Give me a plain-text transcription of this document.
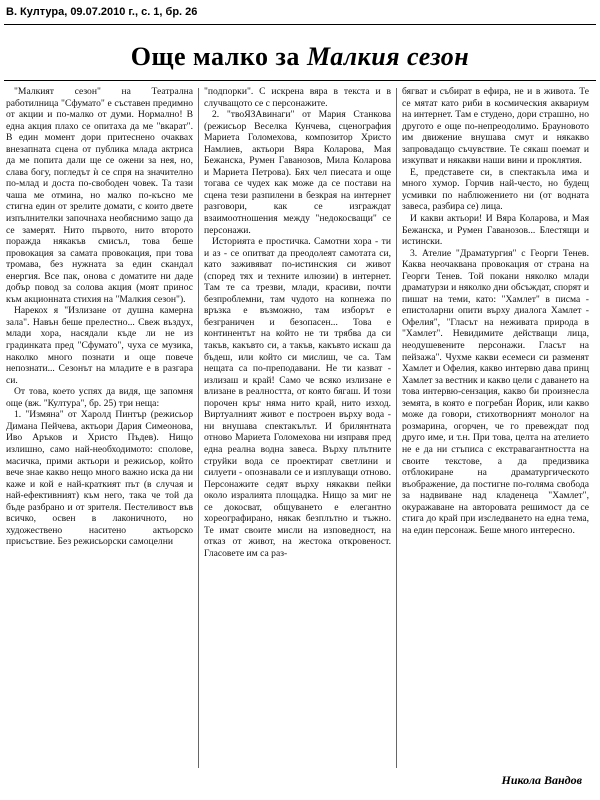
В. Култура, 09.07.2010 г., с. 1, бр. 26
Още малко за Малкия сезон

"Малкият сезон" на Театрална работилница "Сфумато" е съставен предимно от акции и по-малко от думи. Нормално! В една акция плахо се опитаха да ме "вкарат". В един момент дори притеснено очаквах внезапната сцена от публика млада актриса да ме попита дали ще се ожени за нея, но, слава богу, погледът ѝ се спря на значително по-млад и доста по-свободен човек. Та тази чаша ме отмина, но малко по-късно ме стигна един от зрелите домати, с които двете изпълнителки започнаха необяснимо защо да се замерят. Нито първото, нито второто поражда някакъв смисъл, това беше провокация за самата провокация, при това тромава, без нужната за един скандал енергия. Все пак, онова с доматите ни даде добър повод за солова акция (моят принос към акционната стихия на "Малкия сезон").

Нарекох я "Излизане от душна камерна зала". Навън беше прелестно... Свеж въздух, млади хора, насядали къде ли не из градинката пред "Сфумато", чуха се музика, наколко много познати и още повече непознати... Сезонът на младите е в разгара си.

От това, което успях да видя, ще запомня още (вж. "Култура", бр. 25) три неща:

1. "Измяна" от Харолд Пинтър (режисьор Димана Пейчева, актьори Дария Симеонова, Иво Аръков и Христо Пъдев). Нищо излишно, само най-необходимото: сполове, масичка, прими актьори и режисьор, който вече знае какво нещо много важно иска да ни каже и кой е най-краткият път (в случая и най-ефективният) към него, така че той да бъде разбрано и от зрителя. Пестеливост във всичко, освен в лаконичното, но художествено наситено актьорско присъствие. Без режисьорски самоцелни

"подпорки". С искрена вяра в текста и в случващото се с персонажите.

2. "твоЯЗАвинаги" от Мария Станкова (режисьор Веселка Кунчева, сценография Мариета Голомехова, композитор Христо Намлиев, актьори Вяра Коларова, Мая Бежанска, Румен Гаванозов, Мила Коларова и Мариета Петрова). Бях чел пиесата и още тогава се чудех как може да се постави на сцена тези разпилени в безкрая на интернет разговори, как се изграждат взаимоотношения между "недокосващи" се персонажи.

Историята е простичка. Самотни хора - ти и аз - се опитват да преодолеят самотата си, като заживяват по-истинския си живот (според тях и техните илюзии) в интернет. Там те са трезви, млади, красиви, почти безпроблемни, там чудото на копнежа по връзка е възможно, там изборът е безграничен и безопасен... Това е континентът на който не ти трябва да си такъв, какъвто си, а такъв, какъвто искаш да бъдеш, или който си мислиш, че са. Там нещата са по-преподавани. Не ти казват - излизаш и край! Само че всяко излизане е влизане в реалността, от която бягаш. И този порочен кръг няма нито край, нито изход. Виртуалният живот е построен върху вода - ни внушава спектакълът. И брилянтната отново Мариета Голомехова ни изправя пред една реална водна завеса. Върху плътните струйки вода се проектират светлини и силуети - опознавали се и изплуващи отново. Персонажите седят върху някакви пейки около изралията площадка. Нищо за миг не се докосват, общуването е елегантно хореографирано, някак безплътно и тъжно. Те имат своите мисли на изповедност, на отказ от живот, на жестока откровеност. Гласовете им са раз-

бягват и събират в ефира, не и в живота. Те се мятат като риби в космическия аквариум на интернет. Там е студено, дори страшно, но другото е още по-непреодолимо. Брауновото им движение внушава смут и някакво запровадащо съчувствие. Те сякаш поемат и изкупват и някакви наши вини и проклятия.

Е, представете си, в спектакъла има и много хумор. Горчив най-често, но будещ усмивки по наблюжението ни (от водната завеса, разбира се) лица.

И какви актьори! И Вяра Коларова, и Мая Бежанска, и Румен Гаванозов... Блестящи и истински.

3. Ателие "Драматургия" с Георги Тенев. Каква неочаквана провокация от страна на Георги Тенев. Той покани няколко млади драматурзи и няколко дни обсъждат, спорят и пишат на теми, като: "Хамлет" в писма - епистоларни опити върху диалога Хамлет - Офелия", "Гласът на неживата природа в "Хамлет". Невидимите действащи лица, неодушевените персонажи. Гласът на пейзажа". Чухме какви есемеси си разменят Хамлет и Офелия, какво интервю дава принц Хамлет за вестник и какво цели с даването на това интервю-сензация, какво би произнесла земята, в която е погребан Йорик, или какво може да говори, стихотворният монолог на розмарина, огорчен, че го превеждат под друго име, и т.н. При това, целта на ателието не е да ни стъписа с екстравагантността на своите текстове, а да предизвика отблокиране на драматургическото въображение, да постигне по-голяма свобода за надвиване над кладенеца "Хамлет", окуражаване на авторовата решимост да се стига до край при изследването на една тема, на един персонаж. Беше много интересно.

Никола Вандов
